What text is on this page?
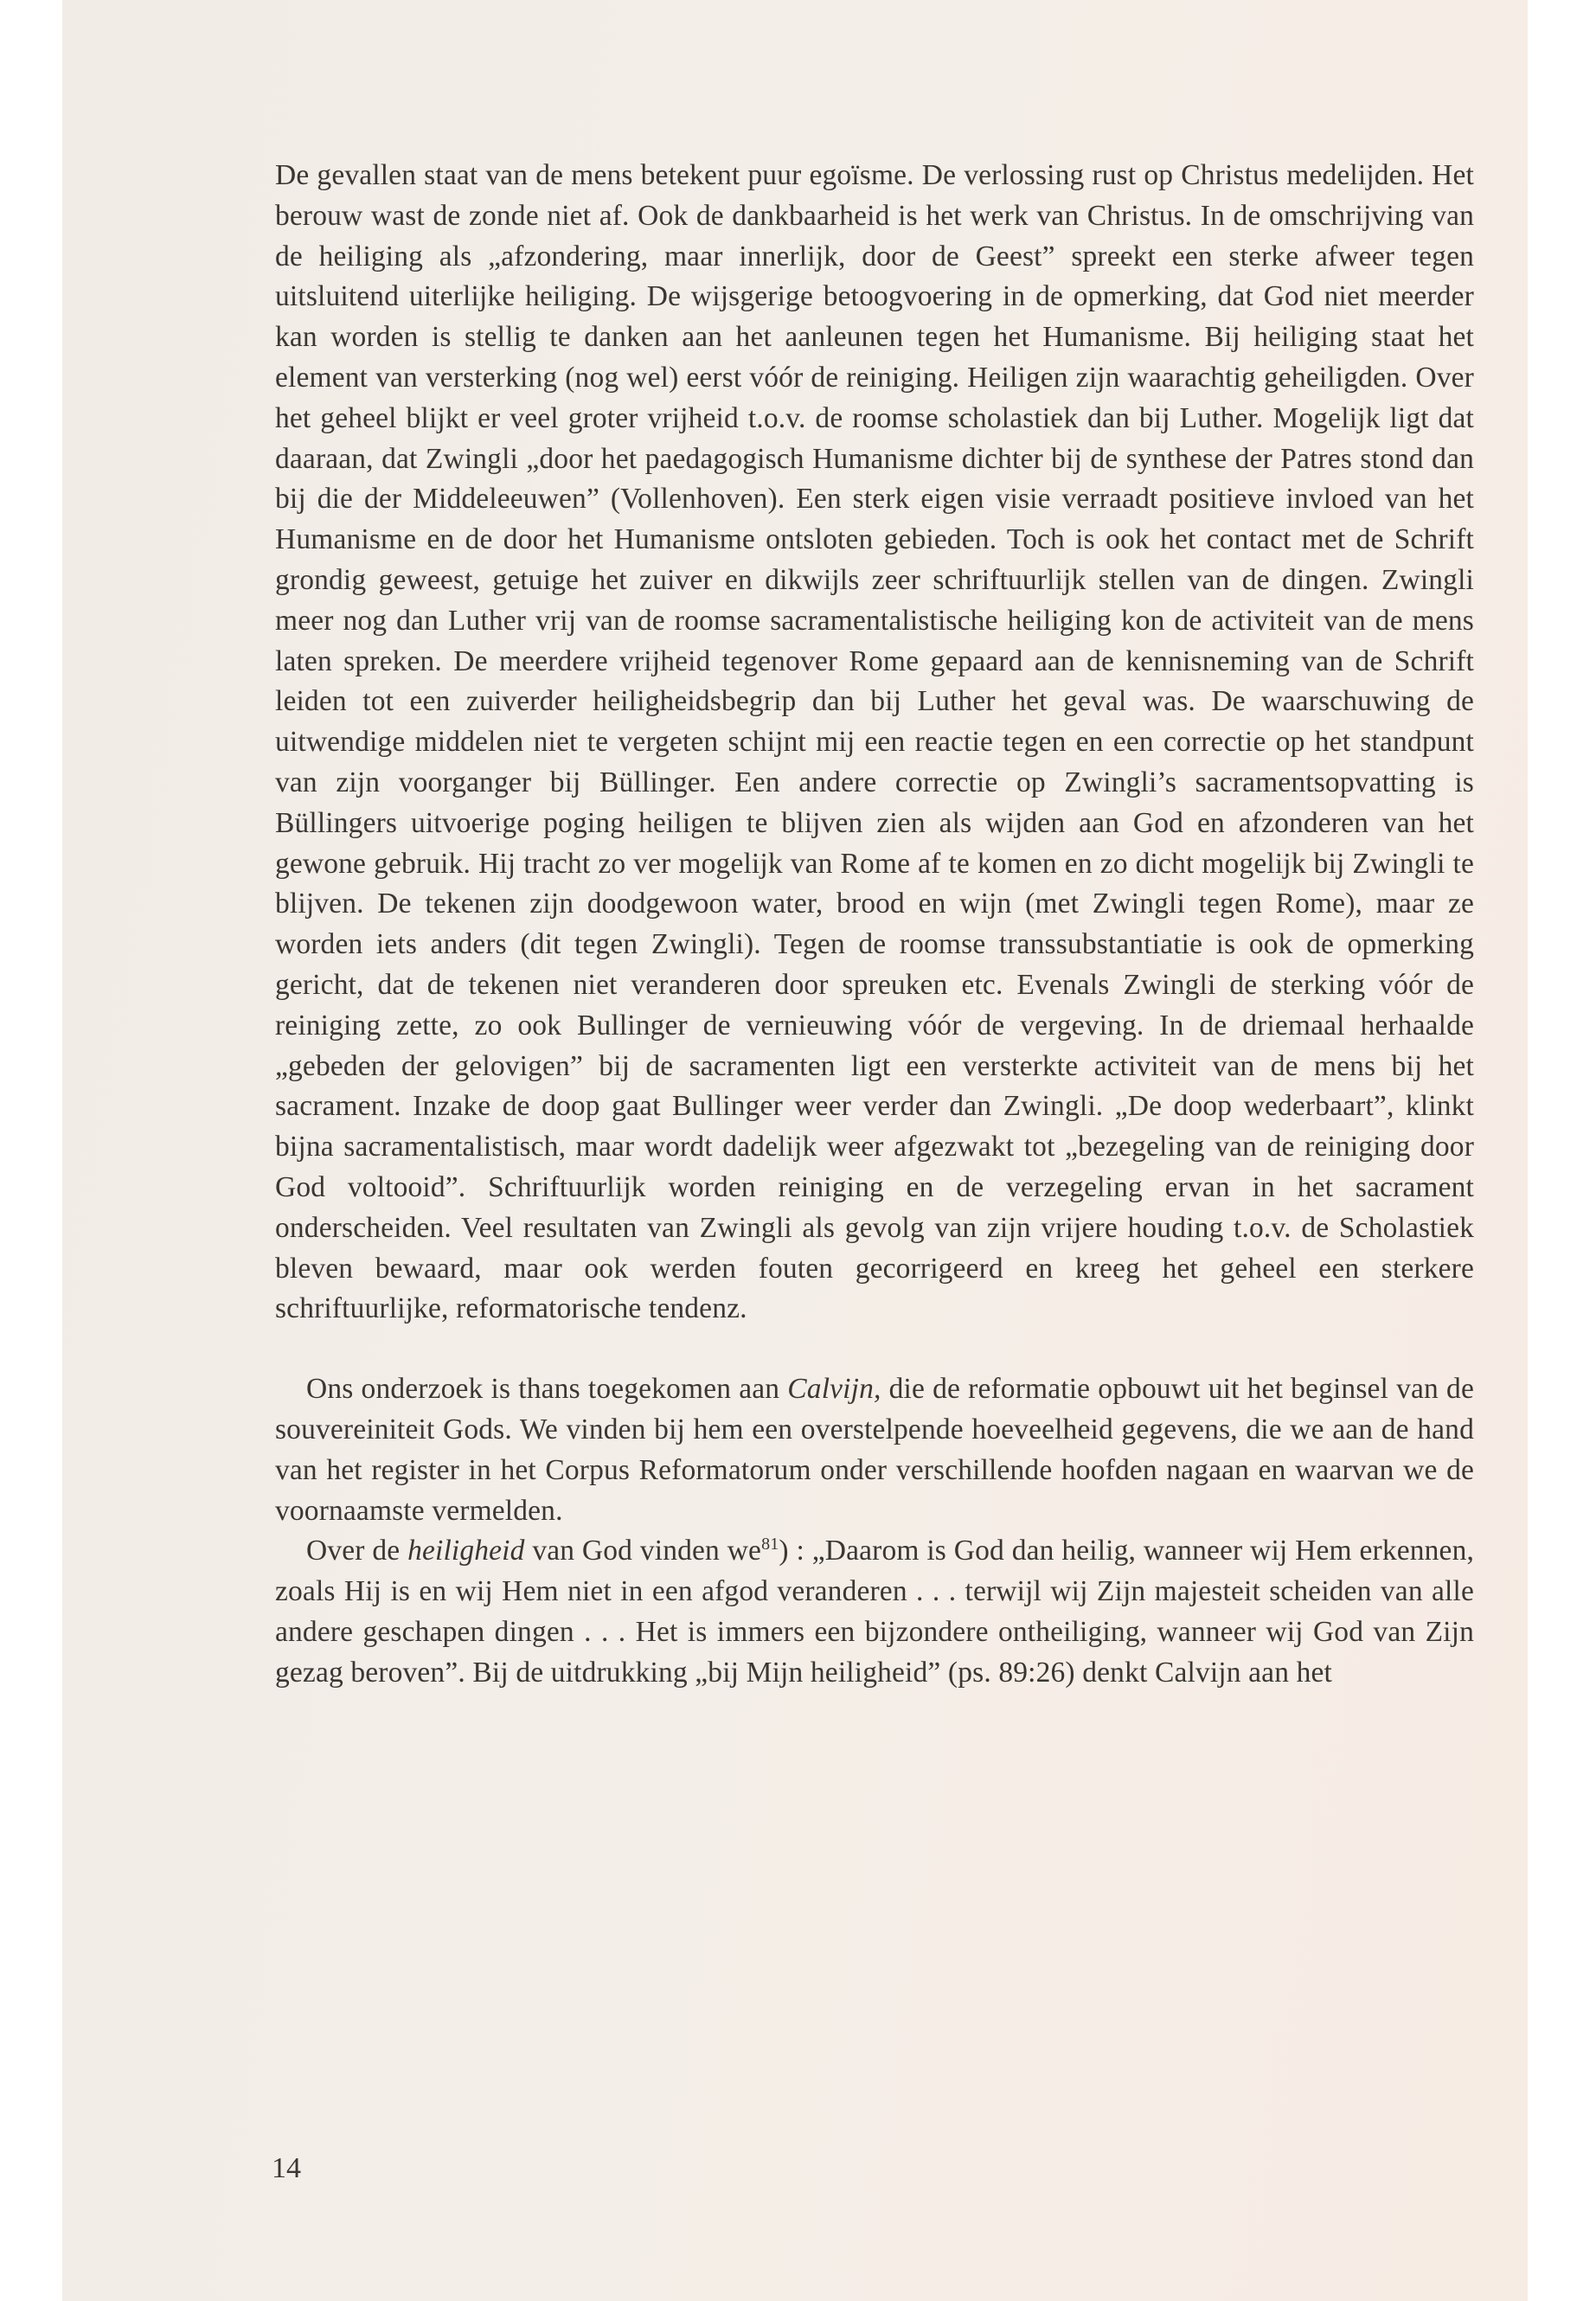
De gevallen staat van de mens betekent puur egoïsme. De verlossing rust op Christus medelijden. Het berouw wast de zonde niet af. Ook de dankbaarheid is het werk van Christus. In de omschrijving van de heiliging als „afzondering, maar innerlijk, door de Geest” spreekt een sterke afweer tegen uitsluitend uiterlijke heiliging. De wijsgerige betoogvoering in de opmerking, dat God niet meerder kan worden is stellig te danken aan het aanleunen tegen het Humanisme. Bij heiliging staat het element van versterking (nog wel) eerst vóór de reiniging. Heiligen zijn waarachtig geheiligden. Over het geheel blijkt er veel groter vrijheid t.o.v. de roomse scholastiek dan bij Luther. Mogelijk ligt dat daaraan, dat Zwingli „door het paedagogisch Humanisme dichter bij de synthese der Patres stond dan bij die der Middeleeuwen” (Vollenhoven). Een sterk eigen visie verraadt positieve invloed van het Humanisme en de door het Humanisme ontsloten gebieden. Toch is ook het contact met de Schrift grondig geweest, getuige het zuiver en dikwijls zeer schriftuurlijk stellen van de dingen. Zwingli meer nog dan Luther vrij van de roomse sacramentalistische heiliging kon de activiteit van de mens laten spreken. De meerdere vrijheid tegenover Rome gepaard aan de kennisneming van de Schrift leiden tot een zuiverder heiligheidsbegrip dan bij Luther het geval was. De waarschuwing de uitwendige middelen niet te vergeten schijnt mij een reactie tegen en een correctie op het standpunt van zijn voorganger bij Büllinger. Een andere correctie op Zwingli’s sacramentsopvatting is Büllingers uitvoerige poging heiligen te blijven zien als wijden aan God en afzonderen van het gewone gebruik. Hij tracht zo ver mogelijk van Rome af te komen en zo dicht mogelijk bij Zwingli te blijven. De tekenen zijn doodgewoon water, brood en wijn (met Zwingli tegen Rome), maar ze worden iets anders (dit tegen Zwingli). Tegen de roomse transsubstantiatie is ook de opmerking gericht, dat de tekenen niet veranderen door spreuken etc. Evenals Zwingli de sterking vóór de reiniging zette, zo ook Bullinger de vernieuwing vóór de vergeving. In de driemaal herhaalde „gebeden der gelovigen” bij de sacramenten ligt een versterkte activiteit van de mens bij het sacrament. Inzake de doop gaat Bullinger weer verder dan Zwingli. „De doop wederbaart”, klinkt bijna sacramentalistisch, maar wordt dadelijk weer afgezwakt tot „bezegeling van de reiniging door God voltooid”. Schriftuurlijk worden reiniging en de verzegeling ervan in het sacrament onderscheiden. Veel resultaten van Zwingli als gevolg van zijn vrijere houding t.o.v. de Scholastiek bleven bewaard, maar ook werden fouten gecorrigeerd en kreeg het geheel een sterkere schriftuurlijke, reformatorische tendenz.

Ons onderzoek is thans toegekomen aan Calvijn, die de reformatie opbouwt uit het beginsel van de souvereiniteit Gods. We vinden bij hem een overstelpende hoeveelheid gegevens, die we aan de hand van het register in het Corpus Reformatorum onder verschillende hoofden nagaan en waarvan we de voornaamste vermelden.

Over de heiligheid van God vinden $we^{81}$) : „Daarom is God dan heilig, wanneer wij Hem erkennen, zoals Hij is en wij Hem niet in een afgod veranderen . . . terwijl wij Zijn majesteit scheiden van alle andere geschapen dingen . . . Het is immers een bijzondere ontheiliging, wanneer wij God van Zijn gezag beroven”. Bij de uitdrukking „bij Mijn heiligheid” (ps. 89:26) denkt Calvijn aan het

14
